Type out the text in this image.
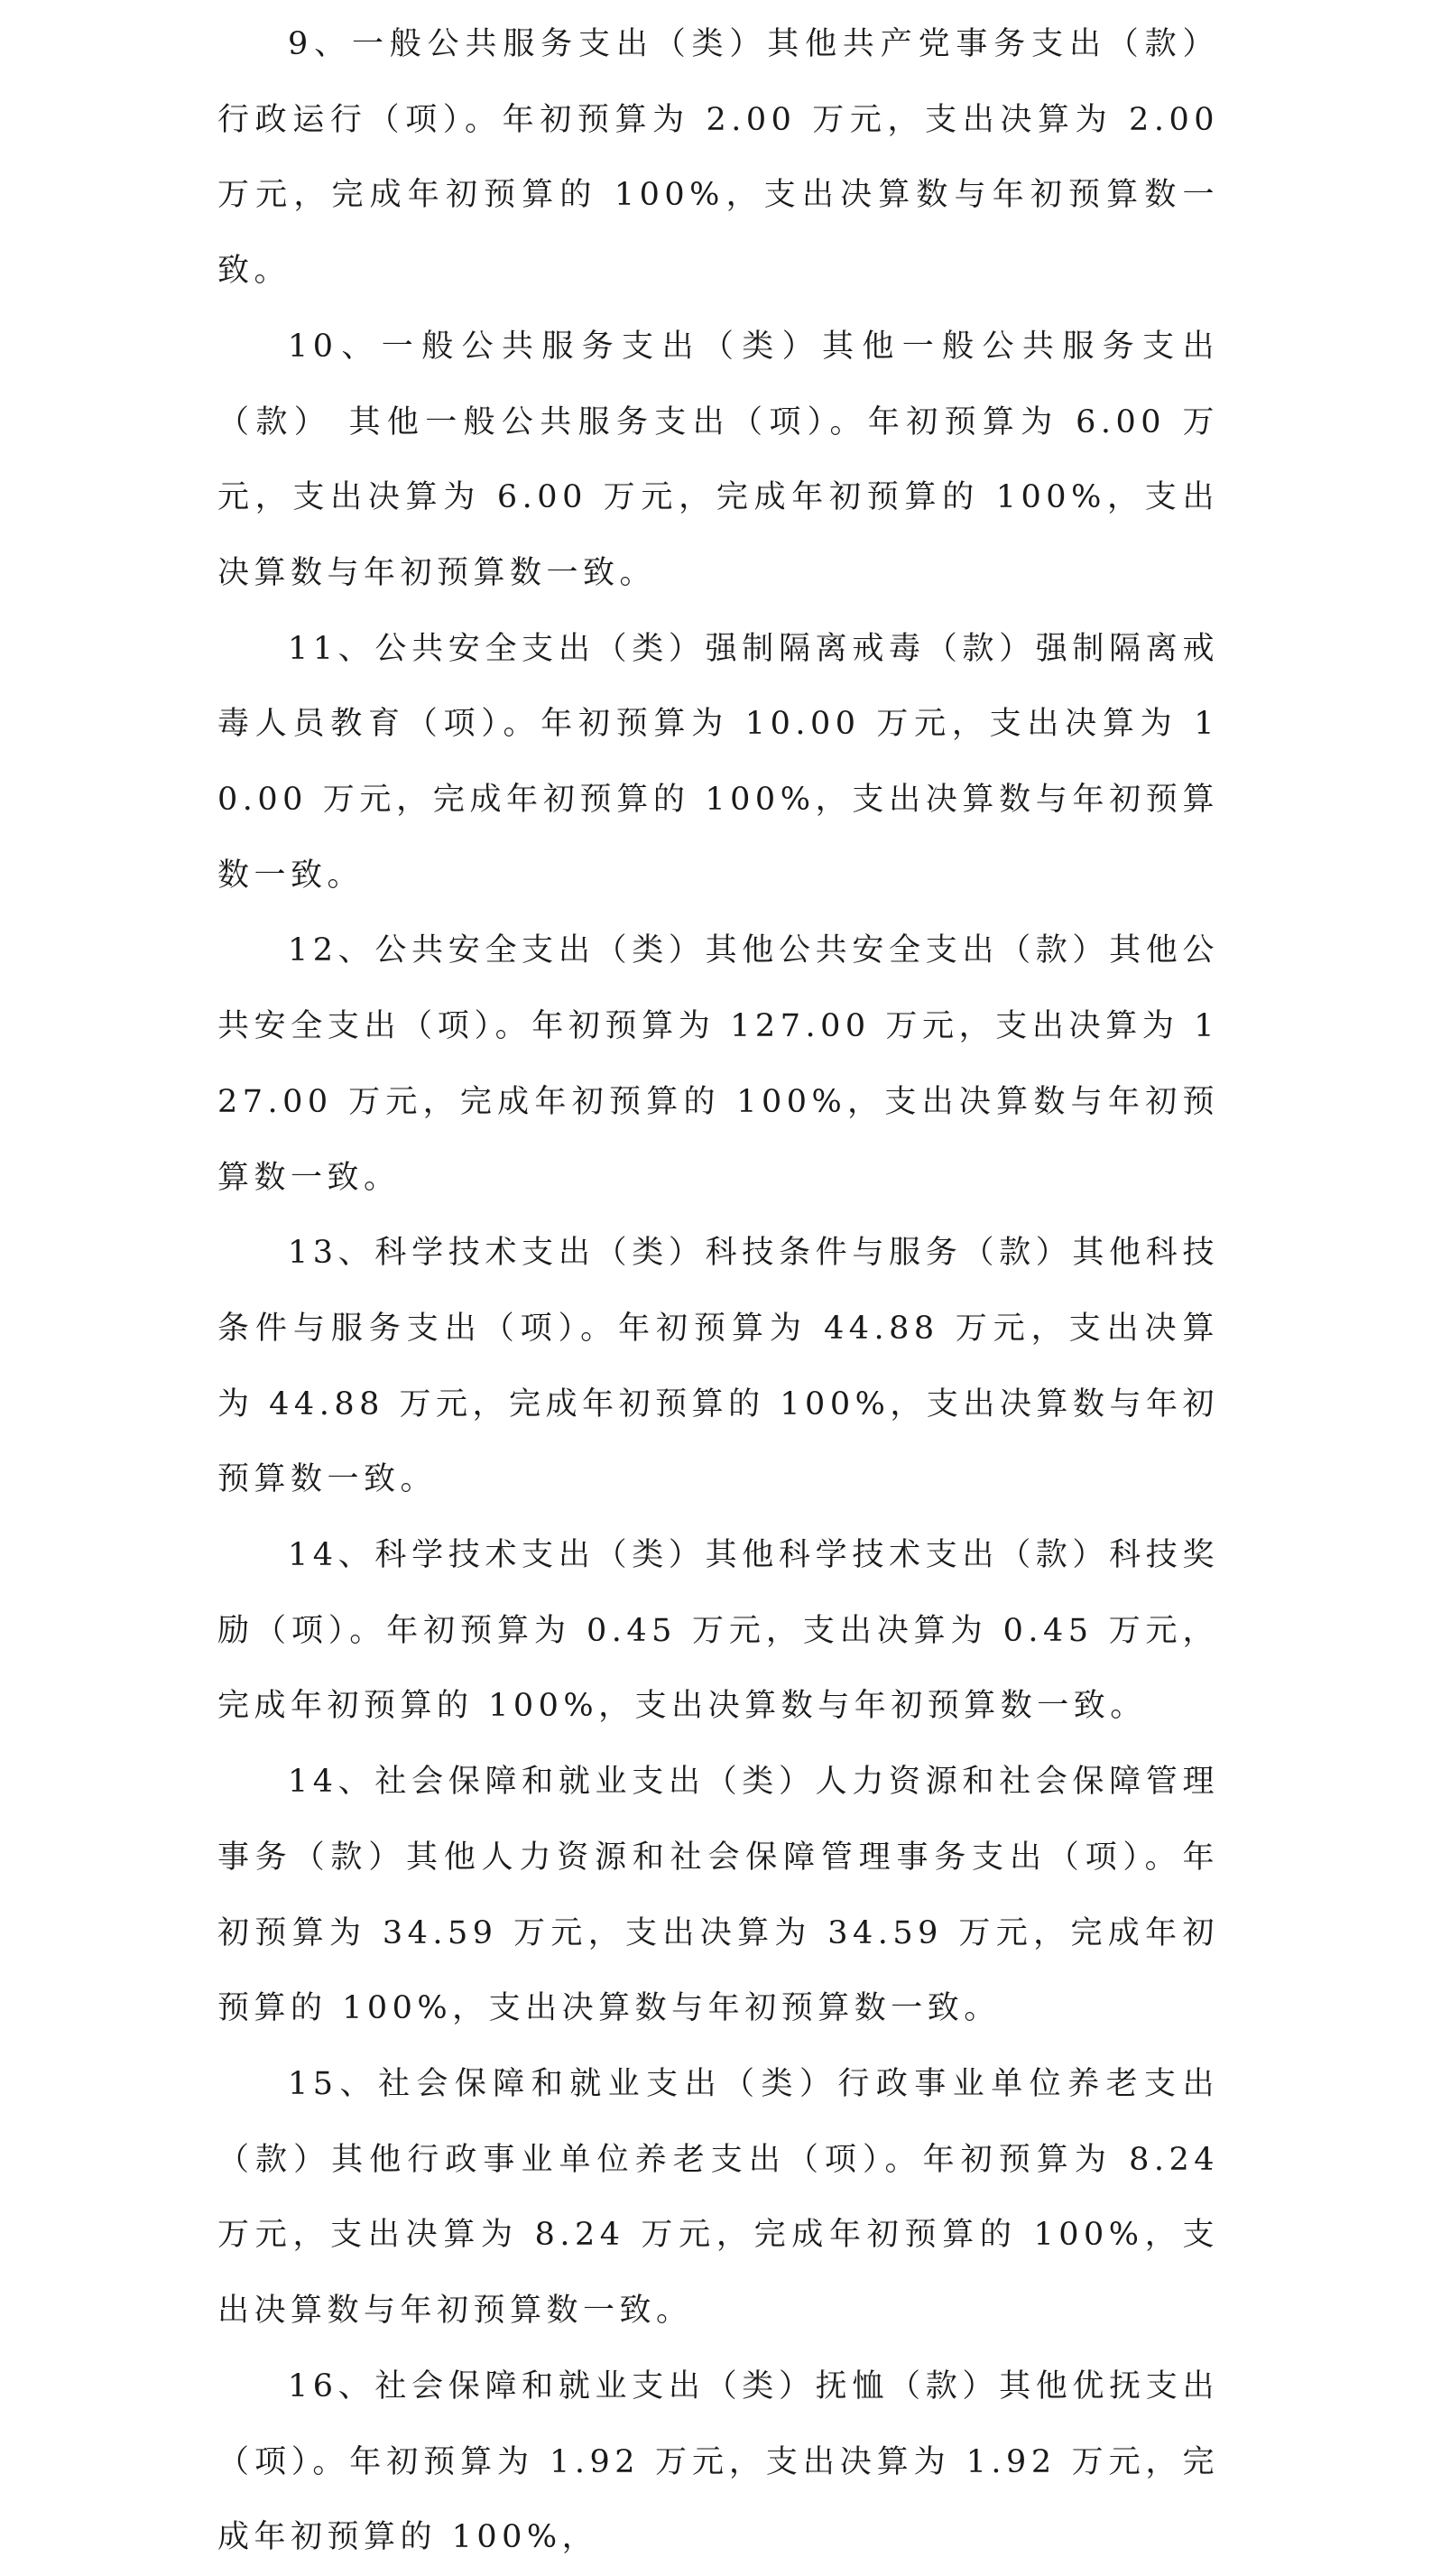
9、一般公共服务支出（类）其他共产党事务支出（款） 行政运行（项）。年初预算为 2.00 万元，支出决算为 2.00 万元，完成年初预算的 100%，支出决算数与年初预算数一致。

10、一般公共服务支出（类）其他一般公共服务支出（款） 其他一般公共服务支出（项）。年初预算为 6.00 万元，支出决算为 6.00 万元，完成年初预算的 100%，支出决算数与年初预算数一致。

11、公共安全支出（类）强制隔离戒毒（款）强制隔离戒毒人员教育（项）。年初预算为 10.00 万元，支出决算为 10.00 万元，完成年初预算的 100%，支出决算数与年初预算数一致。

12、公共安全支出（类）其他公共安全支出（款）其他公共安全支出（项）。年初预算为 127.00 万元，支出决算为 127.00 万元，完成年初预算的 100%，支出决算数与年初预算数一致。

13、科学技术支出（类）科技条件与服务（款）其他科技条件与服务支出（项）。年初预算为 44.88 万元，支出决算为 44.88 万元，完成年初预算的 100%，支出决算数与年初预算数一致。

14、科学技术支出（类）其他科学技术支出（款）科技奖励（项）。年初预算为 0.45 万元，支出决算为 0.45 万元，完成年初预算的 100%，支出决算数与年初预算数一致。

14、社会保障和就业支出（类）人力资源和社会保障管理事务（款）其他人力资源和社会保障管理事务支出（项）。年初预算为 34.59 万元，支出决算为 34.59 万元，完成年初预算的 100%，支出决算数与年初预算数一致。

15、社会保障和就业支出（类）行政事业单位养老支出（款）其他行政事业单位养老支出（项）。年初预算为 8.24 万元，支出决算为 8.24 万元，完成年初预算的 100%，支出决算数与年初预算数一致。

16、社会保障和就业支出（类）抚恤（款）其他优抚支出（项）。年初预算为 1.92 万元，支出决算为 1.92 万元，完成年初预算的 100%，
